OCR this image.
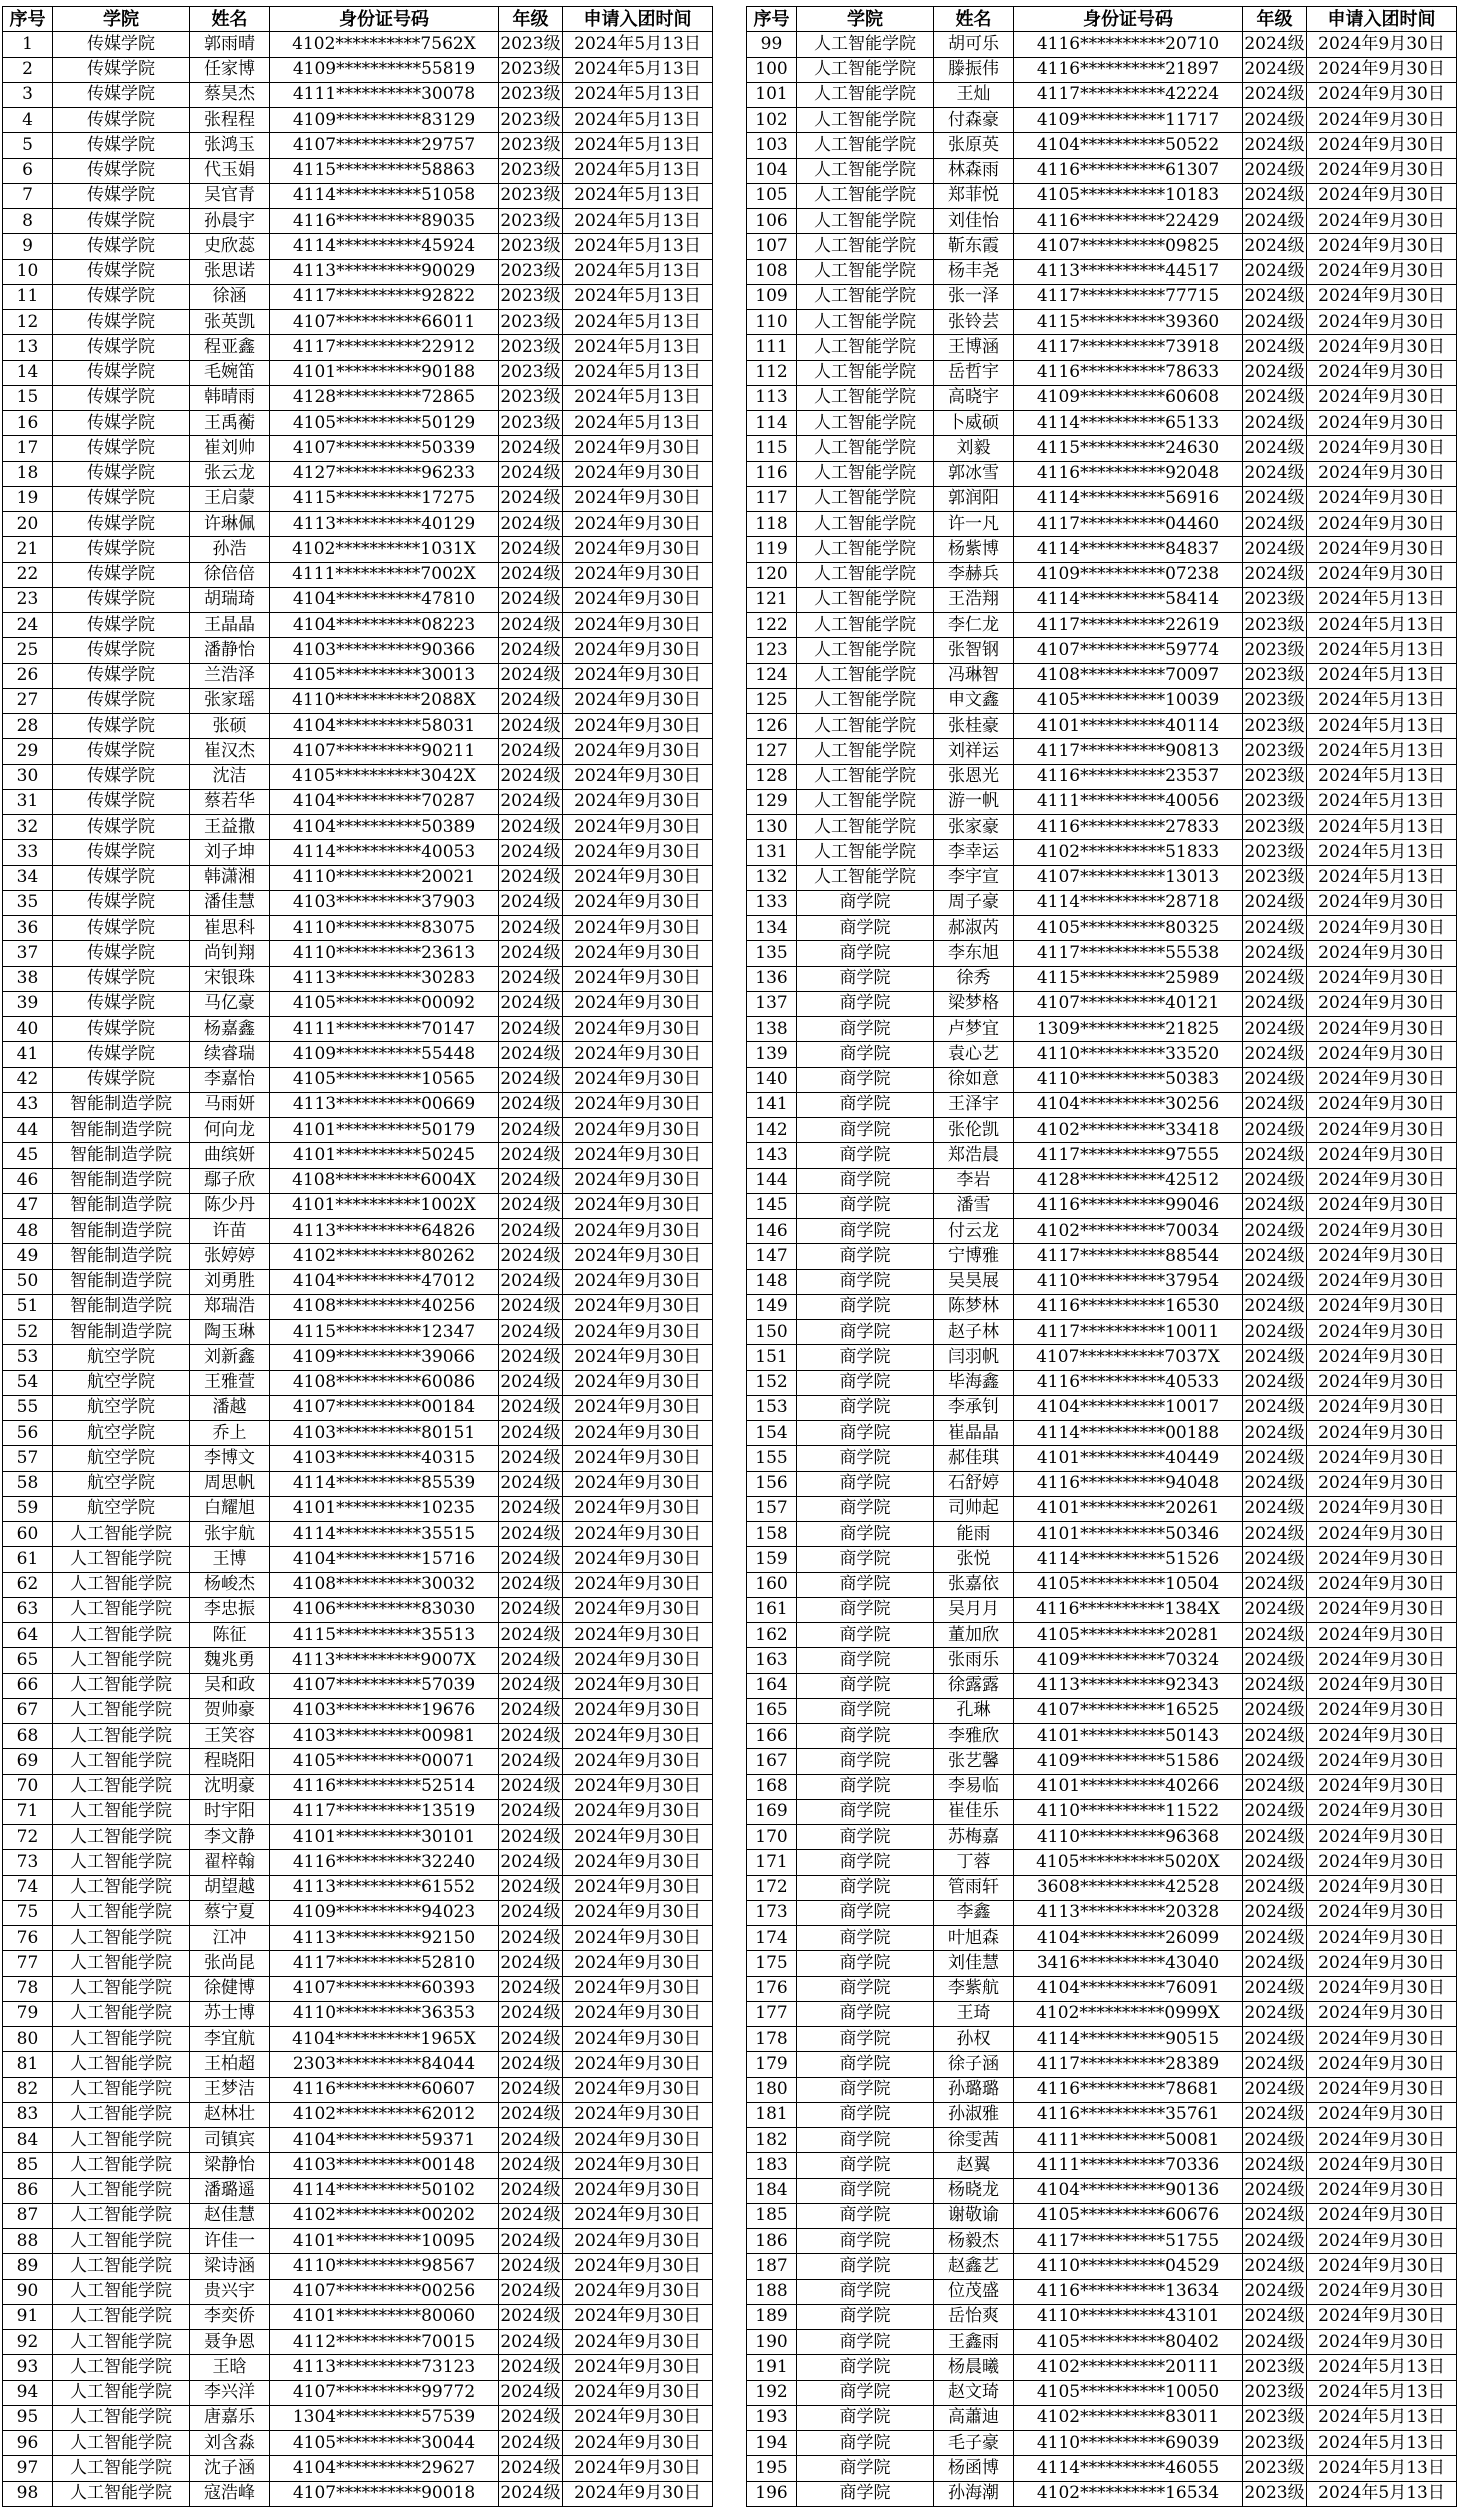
序号	学院	姓名	身份证号码	年级	申请入团时间
1	传媒学院	郭雨晴	4102**********7562X	2023级	2024年5月13日
2	传媒学院	任家博	4109**********55819	2023级	2024年5月13日
3	传媒学院	蔡昊杰	4111**********30078	2023级	2024年5月13日
4	传媒学院	张程程	4109**********83129	2023级	2024年5月13日
5	传媒学院	张鸿玉	4107**********29757	2023级	2024年5月13日
6	传媒学院	代玉娟	4115**********58863	2023级	2024年5月13日
7	传媒学院	吴官青	4114**********51058	2023级	2024年5月13日
8	传媒学院	孙晨宇	4116**********89035	2023级	2024年5月13日
9	传媒学院	史欣蕊	4114**********45924	2023级	2024年5月13日
10	传媒学院	张思诺	4113**********90029	2023级	2024年5月13日
11	传媒学院	徐涵	4117**********92822	2023级	2024年5月13日
12	传媒学院	张英凯	4107**********66011	2023级	2024年5月13日
13	传媒学院	程亚鑫	4117**********22912	2023级	2024年5月13日
14	传媒学院	毛婉笛	4101**********90188	2023级	2024年5月13日
15	传媒学院	韩晴雨	4128**********72865	2023级	2024年5月13日
16	传媒学院	王禹蘅	4105**********50129	2023级	2024年5月13日
17	传媒学院	崔刘帅	4107**********50339	2024级	2024年9月30日
18	传媒学院	张云龙	4127**********96233	2024级	2024年9月30日
19	传媒学院	王启蒙	4115**********17275	2024级	2024年9月30日
20	传媒学院	许琳佩	4113**********40129	2024级	2024年9月30日
21	传媒学院	孙浩	4102**********1031X	2024级	2024年9月30日
22	传媒学院	徐倍倍	4111**********7002X	2024级	2024年9月30日
23	传媒学院	胡瑞琦	4104**********47810	2024级	2024年9月30日
24	传媒学院	王晶晶	4104**********08223	2024级	2024年9月30日
25	传媒学院	潘静怡	4103**********90366	2024级	2024年9月30日
26	传媒学院	兰浩泽	4105**********30013	2024级	2024年9月30日
27	传媒学院	张家瑶	4110**********2088X	2024级	2024年9月30日
28	传媒学院	张硕	4104**********58031	2024级	2024年9月30日
29	传媒学院	崔汉杰	4107**********90211	2024级	2024年9月30日
30	传媒学院	沈洁	4105**********3042X	2024级	2024年9月30日
31	传媒学院	蔡若华	4104**********70287	2024级	2024年9月30日
32	传媒学院	王益撒	4104**********50389	2024级	2024年9月30日
33	传媒学院	刘子坤	4114**********40053	2024级	2024年9月30日
34	传媒学院	韩潇湘	4110**********20021	2024级	2024年9月30日
35	传媒学院	潘佳慧	4103**********37903	2024级	2024年9月30日
36	传媒学院	崔思科	4110**********83075	2024级	2024年9月30日
37	传媒学院	尚钊翔	4110**********23613	2024级	2024年9月30日
38	传媒学院	宋银珠	4113**********30283	2024级	2024年9月30日
39	传媒学院	马亿豪	4105**********00092	2024级	2024年9月30日
40	传媒学院	杨嘉鑫	4111**********70147	2024级	2024年9月30日
41	传媒学院	续睿瑞	4109**********55448	2024级	2024年9月30日
42	传媒学院	李嘉怡	4105**********10565	2024级	2024年9月30日
43	智能制造学院	马雨妍	4113**********00669	2024级	2024年9月30日
44	智能制造学院	何向龙	4101**********50179	2024级	2024年9月30日
45	智能制造学院	曲缤妍	4101**********50245	2024级	2024年9月30日
46	智能制造学院	鄢子欣	4108**********6004X	2024级	2024年9月30日
47	智能制造学院	陈少丹	4101**********1002X	2024级	2024年9月30日
48	智能制造学院	许苗	4113**********64826	2024级	2024年9月30日
49	智能制造学院	张婷婷	4102**********80262	2024级	2024年9月30日
50	智能制造学院	刘勇胜	4104**********47012	2024级	2024年9月30日
51	智能制造学院	郑瑞浩	4108**********40256	2024级	2024年9月30日
52	智能制造学院	陶玉琳	4115**********12347	2024级	2024年9月30日
53	航空学院	刘新鑫	4109**********39066	2024级	2024年9月30日
54	航空学院	王雅萱	4108**********60086	2024级	2024年9月30日
55	航空学院	潘越	4107**********00184	2024级	2024年9月30日
56	航空学院	乔上	4103**********80151	2024级	2024年9月30日
57	航空学院	李博文	4103**********40315	2024级	2024年9月30日
58	航空学院	周思帆	4114**********85539	2024级	2024年9月30日
59	航空学院	白耀旭	4101**********10235	2024级	2024年9月30日
60	人工智能学院	张宇航	4114**********35515	2024级	2024年9月30日
61	人工智能学院	王博	4104**********15716	2024级	2024年9月30日
62	人工智能学院	杨峻杰	4108**********30032	2024级	2024年9月30日
63	人工智能学院	李忠振	4106**********83030	2024级	2024年9月30日
64	人工智能学院	陈征	4115**********35513	2024级	2024年9月30日
65	人工智能学院	魏兆勇	4113**********9007X	2024级	2024年9月30日
66	人工智能学院	吴和政	4107**********57039	2024级	2024年9月30日
67	人工智能学院	贺帅豪	4103**********19676	2024级	2024年9月30日
68	人工智能学院	王笑容	4103**********00981	2024级	2024年9月30日
69	人工智能学院	程晓阳	4105**********00071	2024级	2024年9月30日
70	人工智能学院	沈明豪	4116**********52514	2024级	2024年9月30日
71	人工智能学院	时宇阳	4117**********13519	2024级	2024年9月30日
72	人工智能学院	李文静	4101**********30101	2024级	2024年9月30日
73	人工智能学院	翟梓翰	4116**********32240	2024级	2024年9月30日
74	人工智能学院	胡望越	4113**********61552	2024级	2024年9月30日
75	人工智能学院	蔡宁夏	4109**********94023	2024级	2024年9月30日
76	人工智能学院	江冲	4113**********92150	2024级	2024年9月30日
77	人工智能学院	张尚昆	4117**********52810	2024级	2024年9月30日
78	人工智能学院	徐健博	4107**********60393	2024级	2024年9月30日
79	人工智能学院	苏士博	4110**********36353	2024级	2024年9月30日
80	人工智能学院	李宜航	4104**********1965X	2024级	2024年9月30日
81	人工智能学院	王柏超	2303**********84044	2024级	2024年9月30日
82	人工智能学院	王梦洁	4116**********60607	2024级	2024年9月30日
83	人工智能学院	赵林壮	4102**********62012	2024级	2024年9月30日
84	人工智能学院	司镇宾	4104**********59371	2024级	2024年9月30日
85	人工智能学院	梁静怡	4103**********00148	2024级	2024年9月30日
86	人工智能学院	潘璐遥	4114**********50102	2024级	2024年9月30日
87	人工智能学院	赵佳慧	4102**********00202	2024级	2024年9月30日
88	人工智能学院	许佳一	4101**********10095	2024级	2024年9月30日
89	人工智能学院	梁诗涵	4110**********98567	2024级	2024年9月30日
90	人工智能学院	贵兴宇	4107**********00256	2024级	2024年9月30日
91	人工智能学院	李奕侨	4101**********80060	2024级	2024年9月30日
92	人工智能学院	聂争恩	4112**********70015	2024级	2024年9月30日
93	人工智能学院	王晗	4113**********73123	2024级	2024年9月30日
94	人工智能学院	李兴洋	4107**********99772	2024级	2024年9月30日
95	人工智能学院	唐嘉乐	1304**********57539	2024级	2024年9月30日
96	人工智能学院	刘含淼	4105**********30044	2024级	2024年9月30日
97	人工智能学院	沈子涵	4104**********29627	2024级	2024年9月30日
98	人工智能学院	寇浩峰	4107**********90018	2024级	2024年9月30日
序号	学院	姓名	身份证号码	年级	申请入团时间
99	人工智能学院	胡可乐	4116**********20710	2024级	2024年9月30日
100	人工智能学院	滕振伟	4116**********21897	2024级	2024年9月30日
101	人工智能学院	王灿	4117**********42224	2024级	2024年9月30日
102	人工智能学院	付森豪	4109**********11717	2024级	2024年9月30日
103	人工智能学院	张原英	4104**********50522	2024级	2024年9月30日
104	人工智能学院	林森雨	4116**********61307	2024级	2024年9月30日
105	人工智能学院	郑菲悦	4105**********10183	2024级	2024年9月30日
106	人工智能学院	刘佳怡	4116**********22429	2024级	2024年9月30日
107	人工智能学院	靳东霞	4107**********09825	2024级	2024年9月30日
108	人工智能学院	杨丰尧	4113**********44517	2024级	2024年9月30日
109	人工智能学院	张一泽	4117**********77715	2024级	2024年9月30日
110	人工智能学院	张铃芸	4115**********39360	2024级	2024年9月30日
111	人工智能学院	王博涵	4117**********73918	2024级	2024年9月30日
112	人工智能学院	岳哲宇	4116**********78633	2024级	2024年9月30日
113	人工智能学院	高晓宇	4109**********60608	2024级	2024年9月30日
114	人工智能学院	卜威硕	4114**********65133	2024级	2024年9月30日
115	人工智能学院	刘毅	4115**********24630	2024级	2024年9月30日
116	人工智能学院	郭冰雪	4116**********92048	2024级	2024年9月30日
117	人工智能学院	郭润阳	4114**********56916	2024级	2024年9月30日
118	人工智能学院	许一凡	4117**********04460	2024级	2024年9月30日
119	人工智能学院	杨紫博	4114**********84837	2024级	2024年9月30日
120	人工智能学院	李赫兵	4109**********07238	2024级	2024年9月30日
121	人工智能学院	王浩翔	4114**********58414	2023级	2024年5月13日
122	人工智能学院	李仁龙	4117**********22619	2023级	2024年5月13日
123	人工智能学院	张智钢	4107**********59774	2023级	2024年5月13日
124	人工智能学院	冯琳智	4108**********70097	2023级	2024年5月13日
125	人工智能学院	申文鑫	4105**********10039	2023级	2024年5月13日
126	人工智能学院	张桂豪	4101**********40114	2023级	2024年5月13日
127	人工智能学院	刘祥运	4117**********90813	2023级	2024年5月13日
128	人工智能学院	张恩光	4116**********23537	2023级	2024年5月13日
129	人工智能学院	游一帆	4111**********40056	2023级	2024年5月13日
130	人工智能学院	张家豪	4116**********27833	2023级	2024年5月13日
131	人工智能学院	李幸运	4102**********51833	2023级	2024年5月13日
132	人工智能学院	李宇宣	4107**********13013	2023级	2024年5月13日
133	商学院	周子豪	4114**********28718	2024级	2024年9月30日
134	商学院	郝淑芮	4105**********80325	2024级	2024年9月30日
135	商学院	李东旭	4117**********55538	2024级	2024年9月30日
136	商学院	徐秀	4115**********25989	2024级	2024年9月30日
137	商学院	梁梦格	4107**********40121	2024级	2024年9月30日
138	商学院	卢梦宜	1309**********21825	2024级	2024年9月30日
139	商学院	袁心艺	4110**********33520	2024级	2024年9月30日
140	商学院	徐如意	4110**********50383	2024级	2024年9月30日
141	商学院	王泽宇	4104**********30256	2024级	2024年9月30日
142	商学院	张伦凯	4102**********33418	2024级	2024年9月30日
143	商学院	郑浩晨	4117**********97555	2024级	2024年9月30日
144	商学院	李岩	4128**********42512	2024级	2024年9月30日
145	商学院	潘雪	4116**********99046	2024级	2024年9月30日
146	商学院	付云龙	4102**********70034	2024级	2024年9月30日
147	商学院	宁博雅	4117**********88544	2024级	2024年9月30日
148	商学院	吴昊展	4110**********37954	2024级	2024年9月30日
149	商学院	陈梦林	4116**********16530	2024级	2024年9月30日
150	商学院	赵子林	4117**********10011	2024级	2024年9月30日
151	商学院	闫羽帆	4107**********7037X	2024级	2024年9月30日
152	商学院	毕海鑫	4116**********40533	2024级	2024年9月30日
153	商学院	李承钊	4104**********10017	2024级	2024年9月30日
154	商学院	崔晶晶	4114**********00188	2024级	2024年9月30日
155	商学院	郝佳琪	4101**********40449	2024级	2024年9月30日
156	商学院	石舒婷	4116**********94048	2024级	2024年9月30日
157	商学院	司帅起	4101**********20261	2024级	2024年9月30日
158	商学院	能雨	4101**********50346	2024级	2024年9月30日
159	商学院	张悦	4114**********51526	2024级	2024年9月30日
160	商学院	张嘉依	4105**********10504	2024级	2024年9月30日
161	商学院	吴月月	4116**********1384X	2024级	2024年9月30日
162	商学院	董加欣	4105**********20281	2024级	2024年9月30日
163	商学院	张雨乐	4109**********70324	2024级	2024年9月30日
164	商学院	徐露露	4113**********92343	2024级	2024年9月30日
165	商学院	孔琳	4107**********16525	2024级	2024年9月30日
166	商学院	李雅欣	4101**********50143	2024级	2024年9月30日
167	商学院	张艺馨	4109**********51586	2024级	2024年9月30日
168	商学院	李易临	4101**********40266	2024级	2024年9月30日
169	商学院	崔佳乐	4110**********11522	2024级	2024年9月30日
170	商学院	苏梅嘉	4110**********96368	2024级	2024年9月30日
171	商学院	丁蓉	4105**********5020X	2024级	2024年9月30日
172	商学院	管雨轩	3608**********42528	2024级	2024年9月30日
173	商学院	李鑫	4113**********20328	2024级	2024年9月30日
174	商学院	叶旭森	4104**********26099	2024级	2024年9月30日
175	商学院	刘佳慧	3416**********43040	2024级	2024年9月30日
176	商学院	李紫航	4104**********76091	2024级	2024年9月30日
177	商学院	王琦	4102**********0999X	2024级	2024年9月30日
178	商学院	孙权	4114**********90515	2024级	2024年9月30日
179	商学院	徐子涵	4117**********28389	2024级	2024年9月30日
180	商学院	孙璐璐	4116**********78681	2024级	2024年9月30日
181	商学院	孙淑雅	4116**********35761	2024级	2024年9月30日
182	商学院	徐雯茜	4111**********50081	2024级	2024年9月30日
183	商学院	赵翼	4111**********70336	2024级	2024年9月30日
184	商学院	杨晓龙	4104**********90136	2024级	2024年9月30日
185	商学院	谢敬谕	4105**********60676	2024级	2024年9月30日
186	商学院	杨毅杰	4117**********51755	2024级	2024年9月30日
187	商学院	赵鑫艺	4110**********04529	2024级	2024年9月30日
188	商学院	位茂盛	4116**********13634	2024级	2024年9月30日
189	商学院	岳怡爽	4110**********43101	2024级	2024年9月30日
190	商学院	王鑫雨	4105**********80402	2024级	2024年9月30日
191	商学院	杨晨曦	4102**********20111	2023级	2024年5月13日
192	商学院	赵文琦	4105**********10050	2023级	2024年5月13日
193	商学院	高蕭迪	4102**********83011	2023级	2024年5月13日
194	商学院	毛子豪	4110**********69039	2023级	2024年5月13日
195	商学院	杨函博	4114**********46055	2023级	2024年5月13日
196	商学院	孙海潮	4102**********16534	2023级	2024年5月13日
